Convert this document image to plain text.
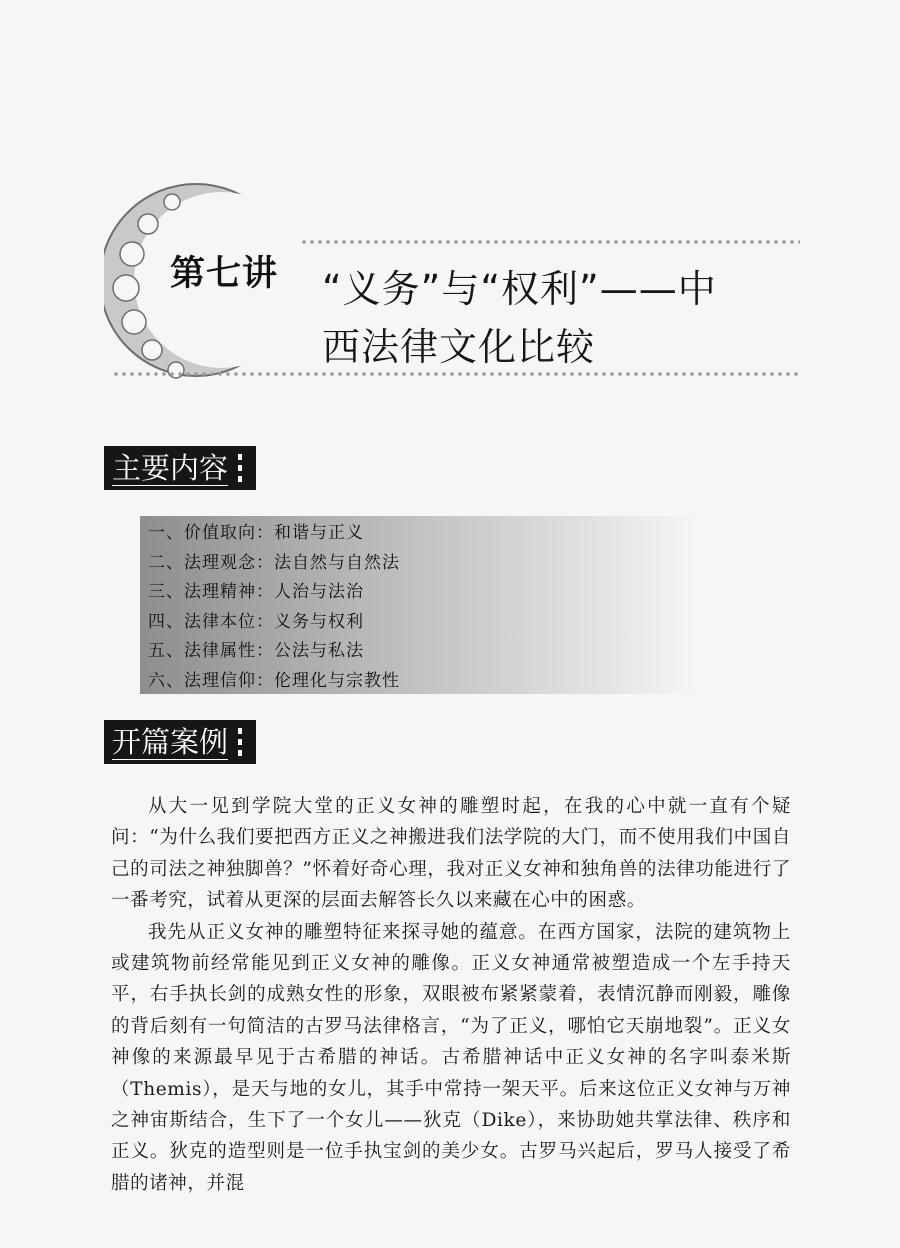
第七讲 “义务”与“权利”——中
西法律文化比较
主要内容
一、价值取向：和谐与正义
二、法理观念：法自然与自然法
三、法理精神：人治与法治
四、法律本位：义务与权利
五、法律属性：公法与私法
六、法理信仰：伦理化与宗教性
开篇案例

从大一见到学院大堂的正义女神的雕塑时起，在我的心中就一直有个疑问：“为什么我们要把西方正义之神搬进我们法学院的大门，而不使用我们中国自己的司法之神独脚兽？”怀着好奇心理，我对正义女神和独角兽的法律功能进行了一番考究，试着从更深的层面去解答长久以来藏在心中的困惑。

我先从正义女神的雕塑特征来探寻她的蕴意。在西方国家，法院的建筑物上或建筑物前经常能见到正义女神的雕像。正义女神通常被塑造成一个左手持天平，右手执长剑的成熟女性的形象，双眼被布紧紧蒙着，表情沉静而刚毅，雕像的背后刻有一句简洁的古罗马法律格言，“为了正义，哪怕它天崩地裂”。正义女神像的来源最早见于古希腊的神话。古希腊神话中正义女神的名字叫泰米斯（Themis），是天与地的女儿，其手中常持一架天平。后来这位正义女神与万神之神宙斯结合，生下了一个女儿——狄克（Dike），来协助她共掌法律、秩序和正义。狄克的造型则是一位手执宝剑的美少女。古罗马兴起后，罗马人接受了希腊的诸神，并混
